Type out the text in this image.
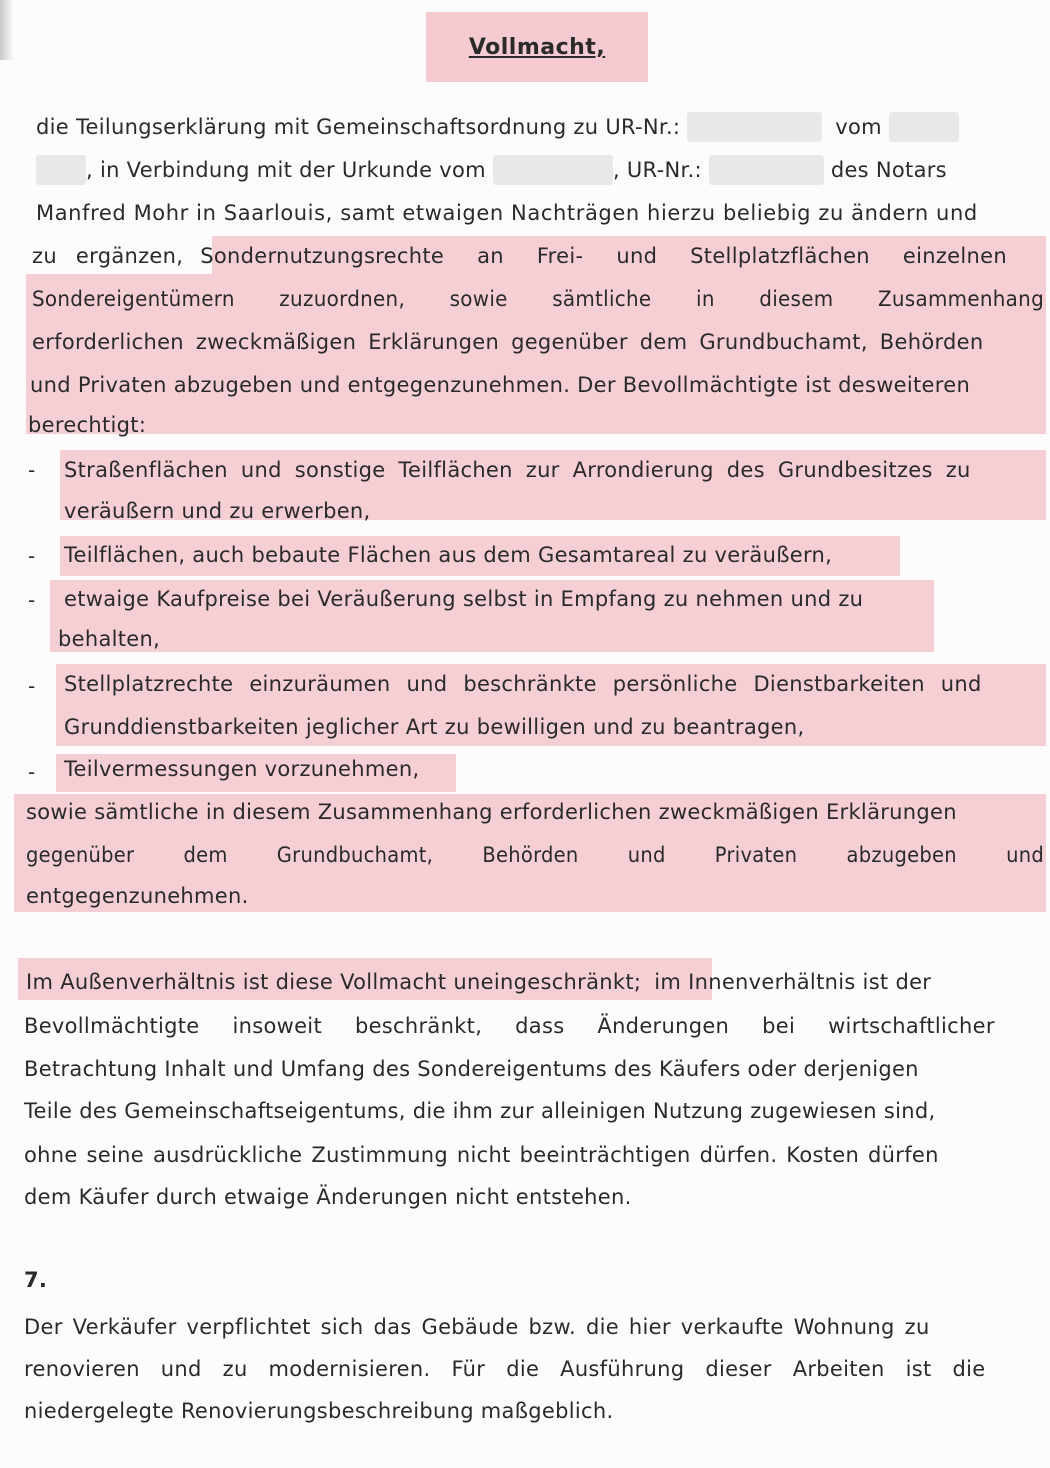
Vollmacht,
die Teilungserklärung mit Gemeinschaftsordnung zu UR-Nr.:	vom
, in Verbindung mit der Urkunde vom	, UR-Nr.:	des Notars
Manfred Mohr in Saarlouis, samt etwaigen Nachträgen hierzu beliebig zu ändern und
zu ergänzen, Sondernutzungsrechte an Frei- und Stellplatzflächen einzelnen
Sondereigentümern zuzuordnen, sowie sämtliche in diesem Zusammenhang
erforderlichen zweckmäßigen Erklärungen gegenüber dem Grundbuchamt, Behörden
und Privaten abzugeben und entgegenzunehmen. Der Bevollmächtigte ist desweiteren
berechtigt:
- Straßenflächen und sonstige Teilflächen zur Arrondierung des Grundbesitzes zu
veräußern und zu erwerben,
- Teilflächen, auch bebaute Flächen aus dem Gesamtareal zu veräußern,
- etwaige Kaufpreise bei Veräußerung selbst in Empfang zu nehmen und zu
behalten,
- Stellplatzrechte einzuräumen und beschränkte persönliche Dienstbarkeiten und
Grunddienstbarkeiten jeglicher Art zu bewilligen und zu beantragen,
- Teilvermessungen vorzunehmen,
sowie sämtliche in diesem Zusammenhang erforderlichen zweckmäßigen Erklärungen
gegenüber dem Grundbuchamt, Behörden und Privaten abzugeben und
entgegenzunehmen.
Im Außenverhältnis ist diese Vollmacht uneingeschränkt; im Innenverhältnis ist der
Bevollmächtigte insoweit beschränkt, dass Änderungen bei wirtschaftlicher
Betrachtung Inhalt und Umfang des Sondereigentums des Käufers oder derjenigen
Teile des Gemeinschaftseigentums, die ihm zur alleinigen Nutzung zugewiesen sind,
ohne seine ausdrückliche Zustimmung nicht beeinträchtigen dürfen. Kosten dürfen
dem Käufer durch etwaige Änderungen nicht entstehen.
7.
Der Verkäufer verpflichtet sich das Gebäude bzw. die hier verkaufte Wohnung zu
renovieren und zu modernisieren. Für die Ausführung dieser Arbeiten ist die
niedergelegte Renovierungsbeschreibung maßgeblich.
